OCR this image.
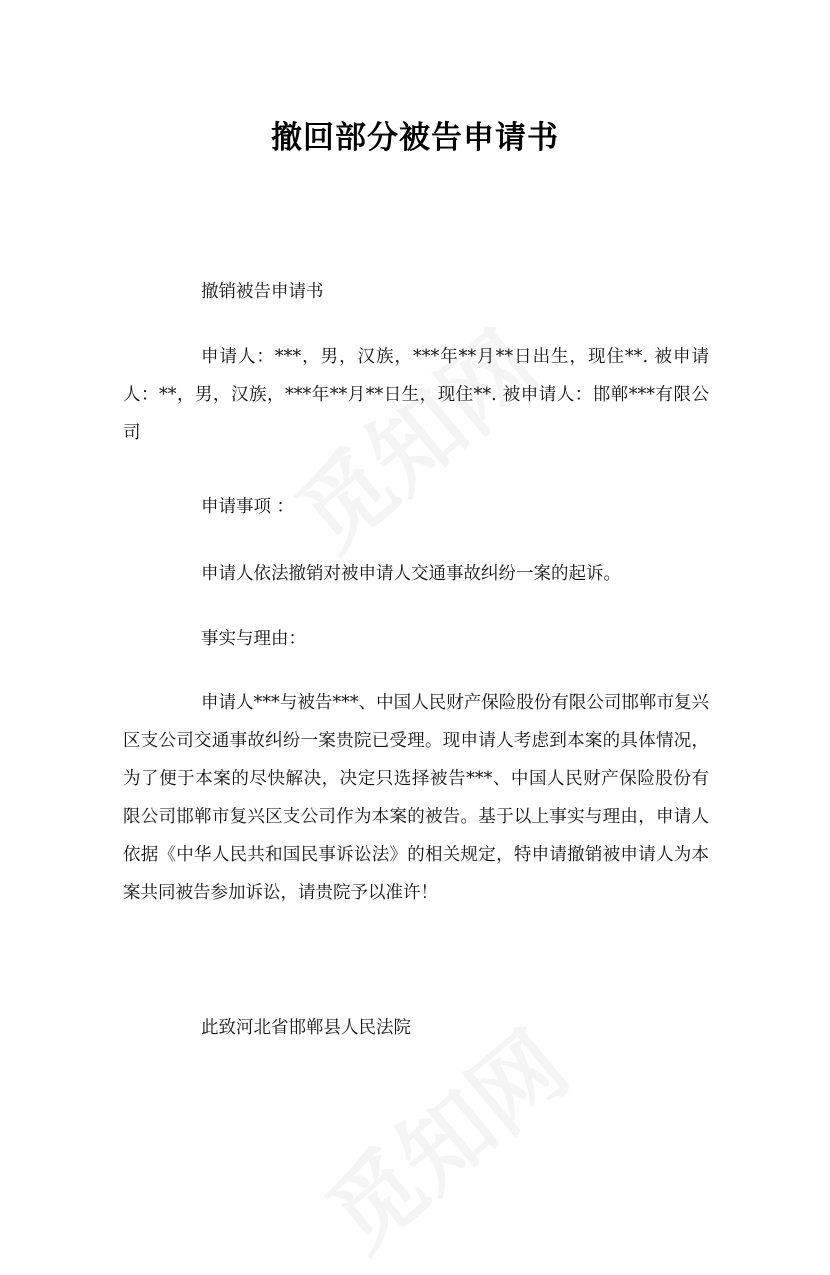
撤回部分被告申请书

撤销被告申请书

申请人：***，男，汉族，***年**月**日出生，现住**. 被申请人：**，男，汉族，***年**月**日生，现住**. 被申请人：邯郸***有限公司

申请事项 ：

申请人依法撤销对被申请人交通事故纠纷一案的起诉。

事实与理由：

申请人***与被告***、中国人民财产保险股份有限公司邯郸市复兴区支公司交通事故纠纷一案贵院已受理。现申请人考虑到本案的具体情况，为了便于本案的尽快解决，决定只选择被告***、中国人民财产保险股份有限公司邯郸市复兴区支公司作为本案的被告。基于以上事实与理由，申请人依据《中华人民共和国民事诉讼法》的相关规定，特申请撤销被申请人为本案共同被告参加诉讼，请贵院予以准许！

此致河北省邯郸县人民法院
